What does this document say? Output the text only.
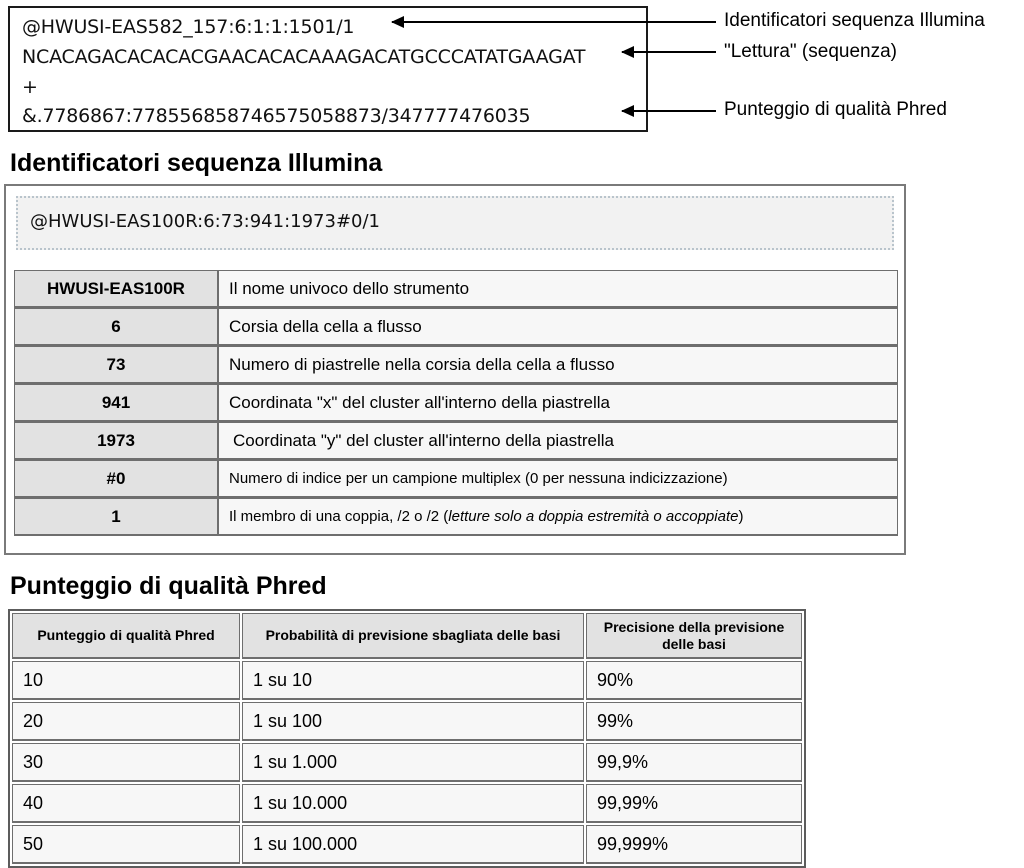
@HWUSI-EAS582_157:6:1:1:1501/1
NCACAGACACACACGAACACACAAAGACATGCCCATATGAAGAT
+
&.7786867:778556858746575058873/347777476035
Identificatori sequenza Illumina
"Lettura" (sequenza)
Punteggio di qualità Phred
Identificatori sequenza Illumina
@HWUSI-EAS100R:6:73:941:1973#0/1
HWUSI-EAS100R	Il nome univoco dello strumento
6	Corsia della cella a flusso
73	Numero di piastrelle nella corsia della cella a flusso
941	Coordinata "x" del cluster all'interno della piastrella
1973	Coordinata "y" del cluster all'interno della piastrella
#0	Numero di indice per un campione multiplex (0 per nessuna indicizzazione)
1	Il membro di una coppia, /2 o /2 (letture solo a doppia estremità o accoppiate)
Punteggio di qualità Phred
Punteggio di qualità Phred	Probabilità di previsione sbagliata delle basi	Precisione della previsione delle basi
10	1 su 10	90%
20	1 su 100	99%
30	1 su 1.000	99,9%
40	1 su 10.000	99,99%
50	1 su 100.000	99,999%
